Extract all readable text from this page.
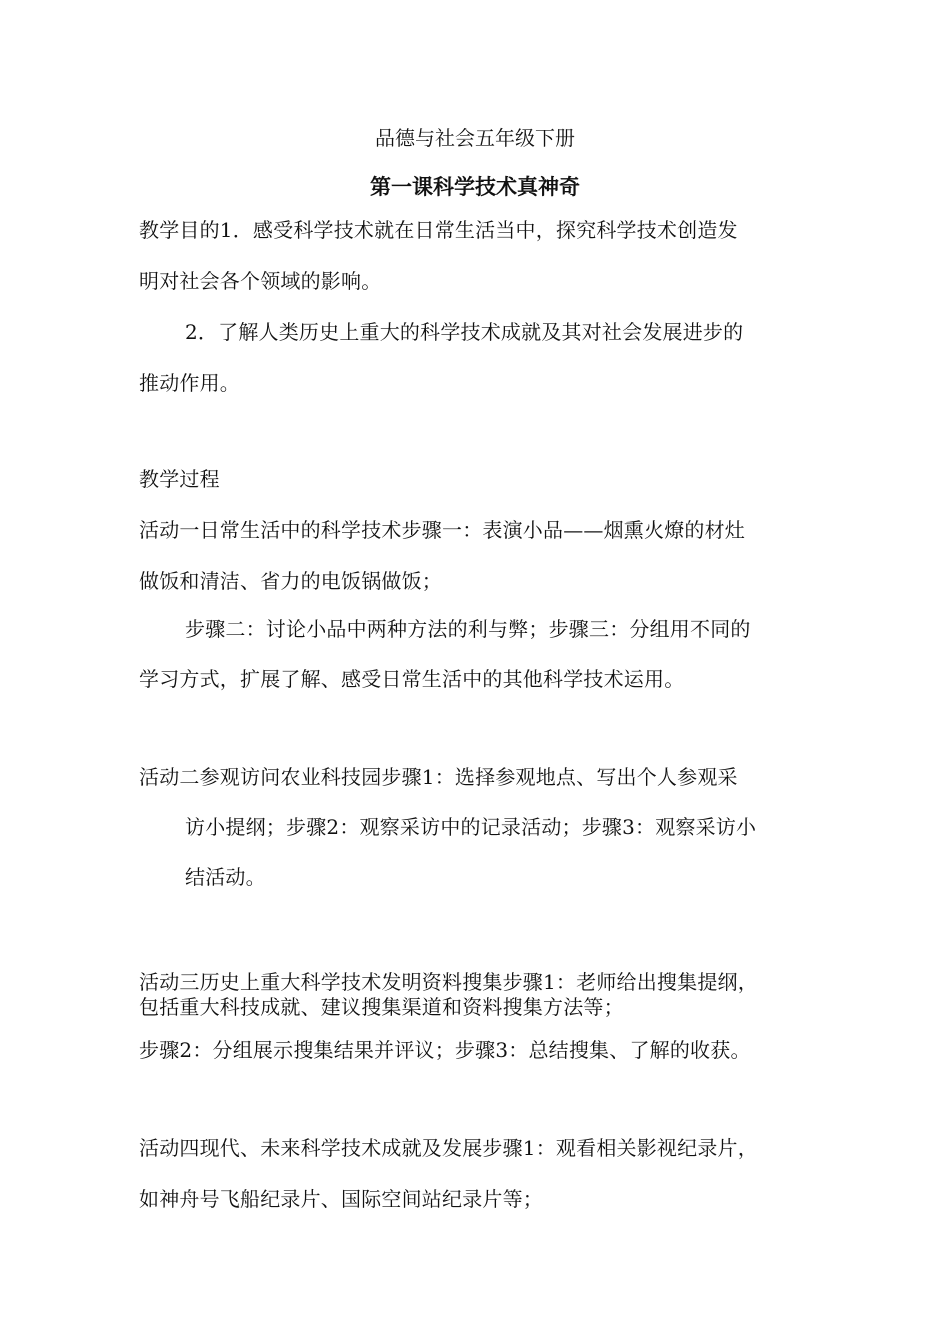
品德与社会五年级下册
第一课科学技术真神奇
教学目的1．感受科学技术就在日常生活当中，探究科学技术创造发
明对社会各个领域的影响。
2．了解人类历史上重大的科学技术成就及其对社会发展进步的
推动作用。
教学过程
活动一日常生活中的科学技术步骤一：表演小品——烟熏火燎的材灶
做饭和清洁、省力的电饭锅做饭；
步骤二：讨论小品中两种方法的利与弊；步骤三：分组用不同的
学习方式，扩展了解、感受日常生活中的其他科学技术运用。
活动二参观访问农业科技园步骤1：选择参观地点、写出个人参观采
访小提纲；步骤2：观察采访中的记录活动；步骤3：观察采访小
结活动。
活动三历史上重大科学技术发明资料搜集步骤1：老师给出搜集提纲，
包括重大科技成就、建议搜集渠道和资料搜集方法等；
步骤2：分组展示搜集结果并评议；步骤3：总结搜集、了解的收获。
活动四现代、未来科学技术成就及发展步骤1：观看相关影视纪录片，
如神舟号飞船纪录片、国际空间站纪录片等；
